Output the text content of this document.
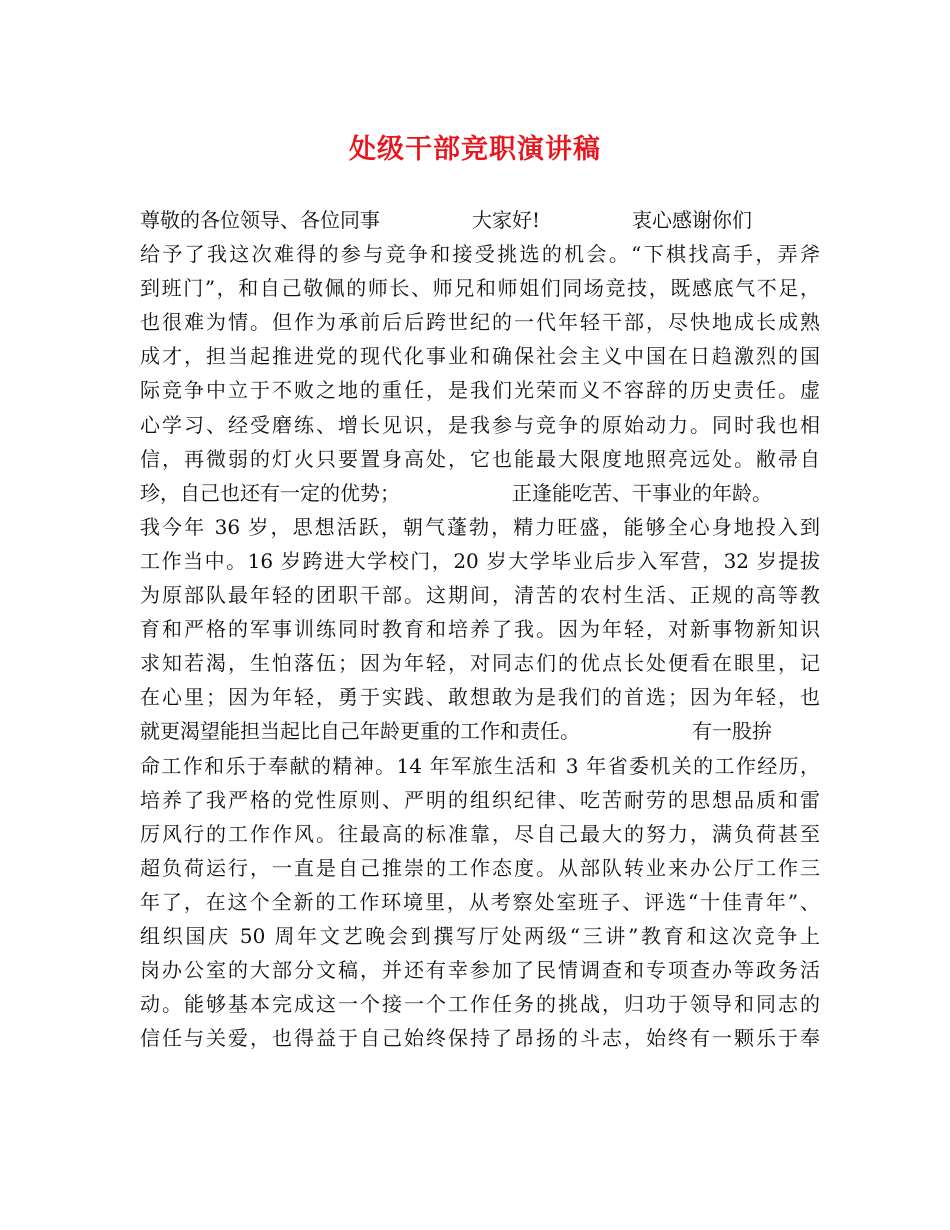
处级干部竞职演讲稿
尊敬的各位领导、各位同事	大家好!	衷心感谢你们
给予了我这次难得的参与竞争和接受挑选的机会。“下棋找高手，弄斧
到班门”，和自己敬佩的师长、师兄和师姐们同场竞技，既感底气不足，
也很难为情。但作为承前后后跨世纪的一代年轻干部，尽快地成长成熟
成才，担当起推进党的现代化事业和确保社会主义中国在日趋激烈的国
际竞争中立于不败之地的重任，是我们光荣而义不容辞的历史责任。虚
心学习、经受磨练、增长见识，是我参与竞争的原始动力。同时我也相
信，再微弱的灯火只要置身高处，它也能最大限度地照亮远处。敝帚自
珍，自己也还有一定的优势；	正逢能吃苦、干事业的年龄。
我今年 36 岁，思想活跃，朝气蓬勃，精力旺盛，能够全心身地投入到
工作当中。16 岁跨进大学校门，20 岁大学毕业后步入军营，32 岁提拔
为原部队最年轻的团职干部。这期间，清苦的农村生活、正规的高等教
育和严格的军事训练同时教育和培养了我。因为年轻，对新事物新知识
求知若渴，生怕落伍；因为年轻，对同志们的优点长处便看在眼里，记
在心里；因为年轻，勇于实践、敢想敢为是我们的首选；因为年轻，也
就更渴望能担当起比自己年龄更重的工作和责任。	有一股拚
命工作和乐于奉献的精神。14 年军旅生活和 3 年省委机关的工作经历，
培养了我严格的党性原则、严明的组织纪律、吃苦耐劳的思想品质和雷
厉风行的工作作风。往最高的标准靠，尽自己最大的努力，满负荷甚至
超负荷运行，一直是自己推崇的工作态度。从部队转业来办公厅工作三
年了，在这个全新的工作环境里，从考察处室班子、评选“十佳青年”、
组织国庆 50 周年文艺晚会到撰写厅处两级“三讲”教育和这次竞争上
岗办公室的大部分文稿，并还有幸参加了民情调查和专项查办等政务活
动。能够基本完成这一个接一个工作任务的挑战，归功于领导和同志的
信任与关爱，也得益于自己始终保持了昂扬的斗志，始终有一颗乐于奉
